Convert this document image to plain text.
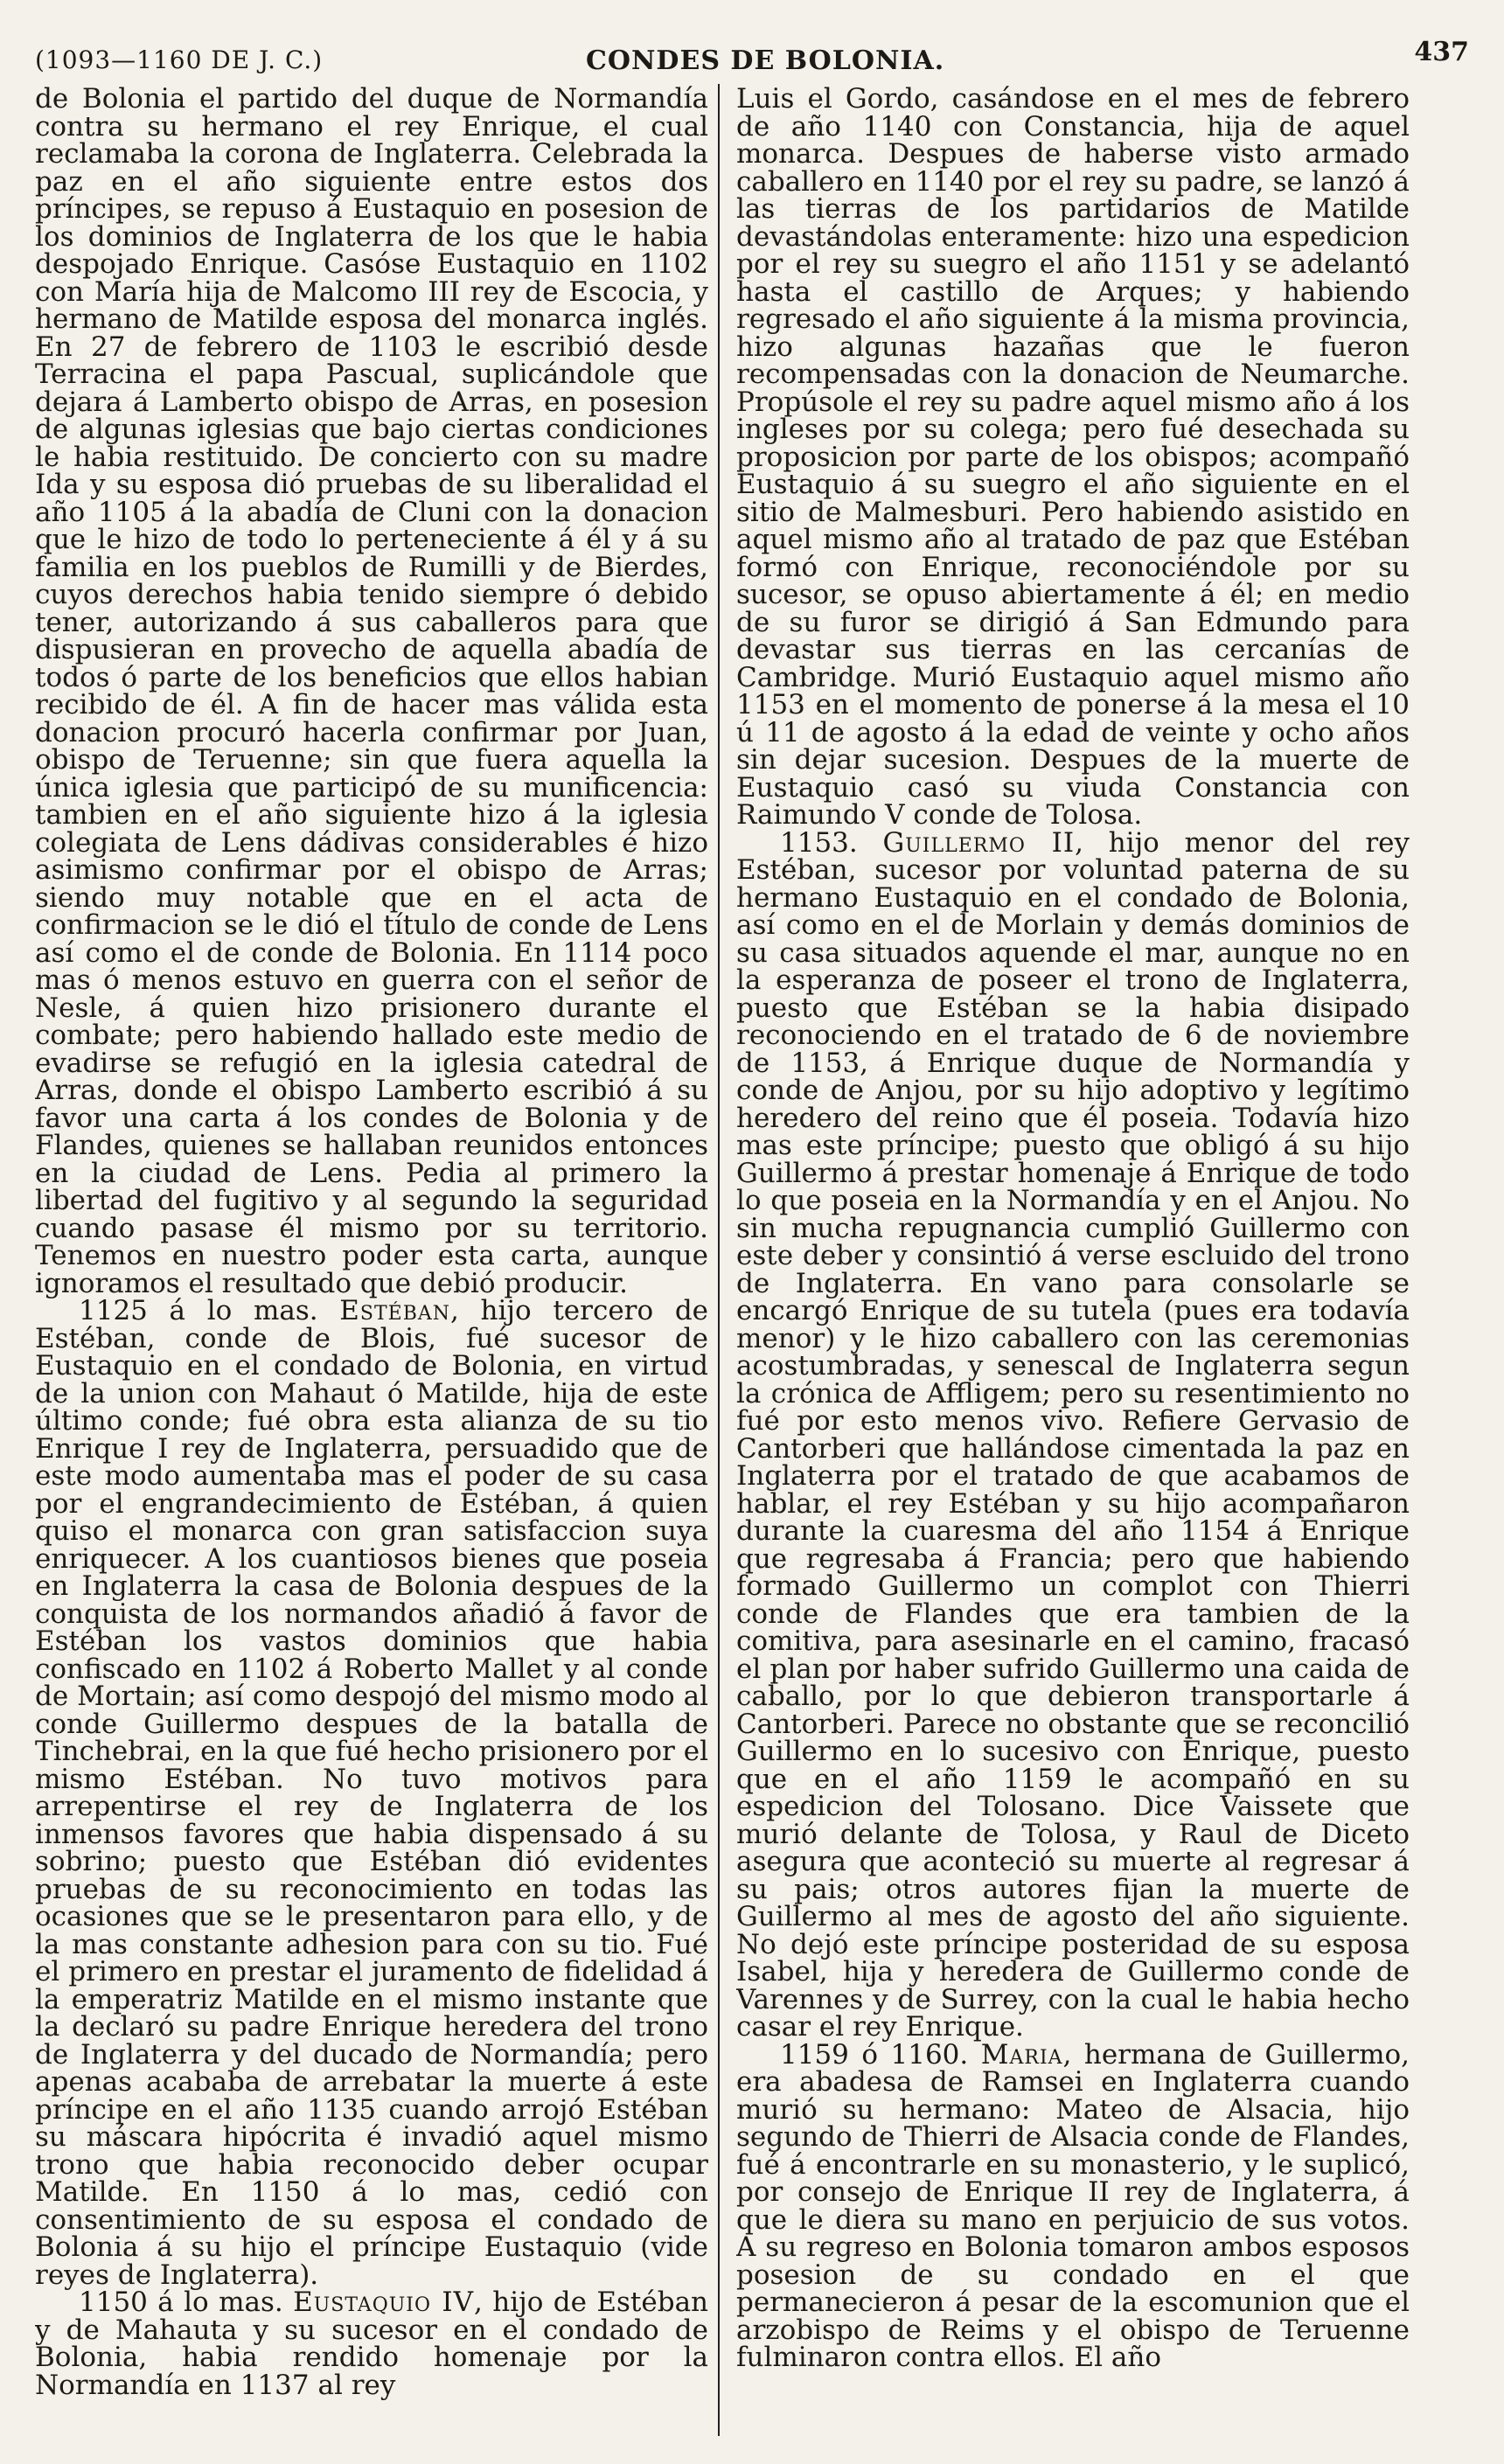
(1093—1160 DE J. C.)	CONDES DE BOLONIA.	437

de Bolonia el partido del duque de Normandía contra su hermano el rey Enrique, el cual reclamaba la corona de Inglaterra. Celebrada la paz en el año siguiente entre estos dos príncipes, se repuso á Eustaquio en posesion de los dominios de Inglaterra de los que le habia despojado Enrique. Casóse Eustaquio en 1102 con María hija de Malcomo III rey de Escocia, y hermano de Matilde esposa del monarca inglés. En 27 de febrero de 1103 le escribió desde Terracina el papa Pascual, suplicándole que dejara á Lamberto obispo de Arras, en posesion de algunas iglesias que bajo ciertas condiciones le habia restituido. De concierto con su madre Ida y su esposa dió pruebas de su liberalidad el año 1105 á la abadía de Cluni con la donacion que le hizo de todo lo perteneciente á él y á su familia en los pueblos de Rumilli y de Bierdes, cuyos derechos habia tenido siempre ó debido tener, autorizando á sus caballeros para que dispusieran en provecho de aquella abadía de todos ó parte de los beneficios que ellos habian recibido de él. A fin de hacer mas válida esta donacion procuró hacerla confirmar por Juan, obispo de Teruenne; sin que fuera aquella la única iglesia que participó de su munificencia: tambien en el año siguiente hizo á la iglesia colegiata de Lens dádivas considerables é hizo asimismo confirmar por el obispo de Arras; siendo muy notable que en el acta de confirmacion se le dió el título de conde de Lens así como el de conde de Bolonia. En 1114 poco mas ó menos estuvo en guerra con el señor de Nesle, á quien hizo prisionero durante el combate; pero habiendo hallado este medio de evadirse se refugió en la iglesia catedral de Arras, donde el obispo Lamberto escribió á su favor una carta á los condes de Bolonia y de Flandes, quienes se hallaban reunidos entonces en la ciudad de Lens. Pedia al primero la libertad del fugitivo y al segundo la seguridad cuando pasase él mismo por su territorio. Tenemos en nuestro poder esta carta, aunque ignoramos el resultado que debió producir.

1125 á lo mas. Estéban, hijo tercero de Estéban, conde de Blois, fué sucesor de Eustaquio en el condado de Bolonia, en virtud de la union con Mahaut ó Matilde, hija de este último conde; fué obra esta alianza de su tio Enrique I rey de Inglaterra, persuadido que de este modo aumentaba mas el poder de su casa por el engrandecimiento de Estéban, á quien quiso el monarca con gran satisfaccion suya enriquecer. A los cuantiosos bienes que poseia en Inglaterra la casa de Bolonia despues de la conquista de los normandos añadió á favor de Estéban los vastos dominios que habia confiscado en 1102 á Roberto Mallet y al conde de Mortain; así como despojó del mismo modo al conde Guillermo despues de la batalla de Tinchebrai, en la que fué hecho prisionero por el mismo Estéban. No tuvo motivos para arrepentirse el rey de Inglaterra de los inmensos favores que habia dispensado á su sobrino; puesto que Estéban dió evidentes pruebas de su reconocimiento en todas las ocasiones que se le presentaron para ello, y de la mas constante adhesion para con su tio. Fué el primero en prestar el juramento de fidelidad á la emperatriz Matilde en el mismo instante que la declaró su padre Enrique heredera del trono de Inglaterra y del ducado de Normandía; pero apenas acababa de arrebatar la muerte á este príncipe en el año 1135 cuando arrojó Estéban su máscara hipócrita é invadió aquel mismo trono que habia reconocido deber ocupar Matilde. En 1150 á lo mas, cedió con consentimiento de su esposa el condado de Bolonia á su hijo el príncipe Eustaquio (vide reyes de Inglaterra).

1150 á lo mas. Eustaquio IV, hijo de Estéban y de Mahauta y su sucesor en el condado de Bolonia, habia rendido homenaje por la Normandía en 1137 al rey

Luis el Gordo, casándose en el mes de febrero de año 1140 con Constancia, hija de aquel monarca. Despues de haberse visto armado caballero en 1140 por el rey su padre, se lanzó á las tierras de los partidarios de Matilde devastándolas enteramente: hizo una espedicion por el rey su suegro el año 1151 y se adelantó hasta el castillo de Arques; y habiendo regresado el año siguiente á la misma provincia, hizo algunas hazañas que le fueron recompensadas con la donacion de Neumarche. Propúsole el rey su padre aquel mismo año á los ingleses por su colega; pero fué desechada su proposicion por parte de los obispos; acompañó Eustaquio á su suegro el año siguiente en el sitio de Malmesburi. Pero habiendo asistido en aquel mismo año al tratado de paz que Estéban formó con Enrique, reconociéndole por su sucesor, se opuso abiertamente á él; en medio de su furor se dirigió á San Edmundo para devastar sus tierras en las cercanías de Cambridge. Murió Eustaquio aquel mismo año 1153 en el momento de ponerse á la mesa el 10 ú 11 de agosto á la edad de veinte y ocho años sin dejar sucesion. Despues de la muerte de Eustaquio casó su viuda Constancia con Raimundo V conde de Tolosa.

1153. Guillermo II, hijo menor del rey Estéban, sucesor por voluntad paterna de su hermano Eustaquio en el condado de Bolonia, así como en el de Morlain y demás dominios de su casa situados aquende el mar, aunque no en la esperanza de poseer el trono de Inglaterra, puesto que Estéban se la habia disipado reconociendo en el tratado de 6 de noviembre de 1153, á Enrique duque de Normandía y conde de Anjou, por su hijo adoptivo y legítimo heredero del reino que él poseia. Todavía hizo mas este príncipe; puesto que obligó á su hijo Guillermo á prestar homenaje á Enrique de todo lo que poseia en la Normandía y en el Anjou. No sin mucha repugnancia cumplió Guillermo con este deber y consintió á verse escluido del trono de Inglaterra. En vano para consolarle se encargó Enrique de su tutela (pues era todavía menor) y le hizo caballero con las ceremonias acostumbradas, y senescal de Inglaterra segun la crónica de Affligem; pero su resentimiento no fué por esto menos vivo. Refiere Gervasio de Cantorberi que hallándose cimentada la paz en Inglaterra por el tratado de que acabamos de hablar, el rey Estéban y su hijo acompañaron durante la cuaresma del año 1154 á Enrique que regresaba á Francia; pero que habiendo formado Guillermo un complot con Thierri conde de Flandes que era tambien de la comitiva, para asesinarle en el camino, fracasó el plan por haber sufrido Guillermo una caida de caballo, por lo que debieron transportarle á Cantorberi. Parece no obstante que se reconcilió Guillermo en lo sucesivo con Enrique, puesto que en el año 1159 le acompañó en su espedicion del Tolosano. Dice Vaissete que murió delante de Tolosa, y Raul de Diceto asegura que aconteció su muerte al regresar á su pais; otros autores fijan la muerte de Guillermo al mes de agosto del año siguiente. No dejó este príncipe posteridad de su esposa Isabel, hija y heredera de Guillermo conde de Varennes y de Surrey, con la cual le habia hecho casar el rey Enrique.

1159 ó 1160. Maria, hermana de Guillermo, era abadesa de Ramsei en Inglaterra cuando murió su hermano: Mateo de Alsacia, hijo segundo de Thierri de Alsacia conde de Flandes, fué á encontrarle en su monasterio, y le suplicó, por consejo de Enrique II rey de Inglaterra, á que le diera su mano en perjuicio de sus votos. A su regreso en Bolonia tomaron ambos esposos posesion de su condado en el que permanecieron á pesar de la escomunion que el arzobispo de Reims y el obispo de Teruenne fulminaron contra ellos. El año
